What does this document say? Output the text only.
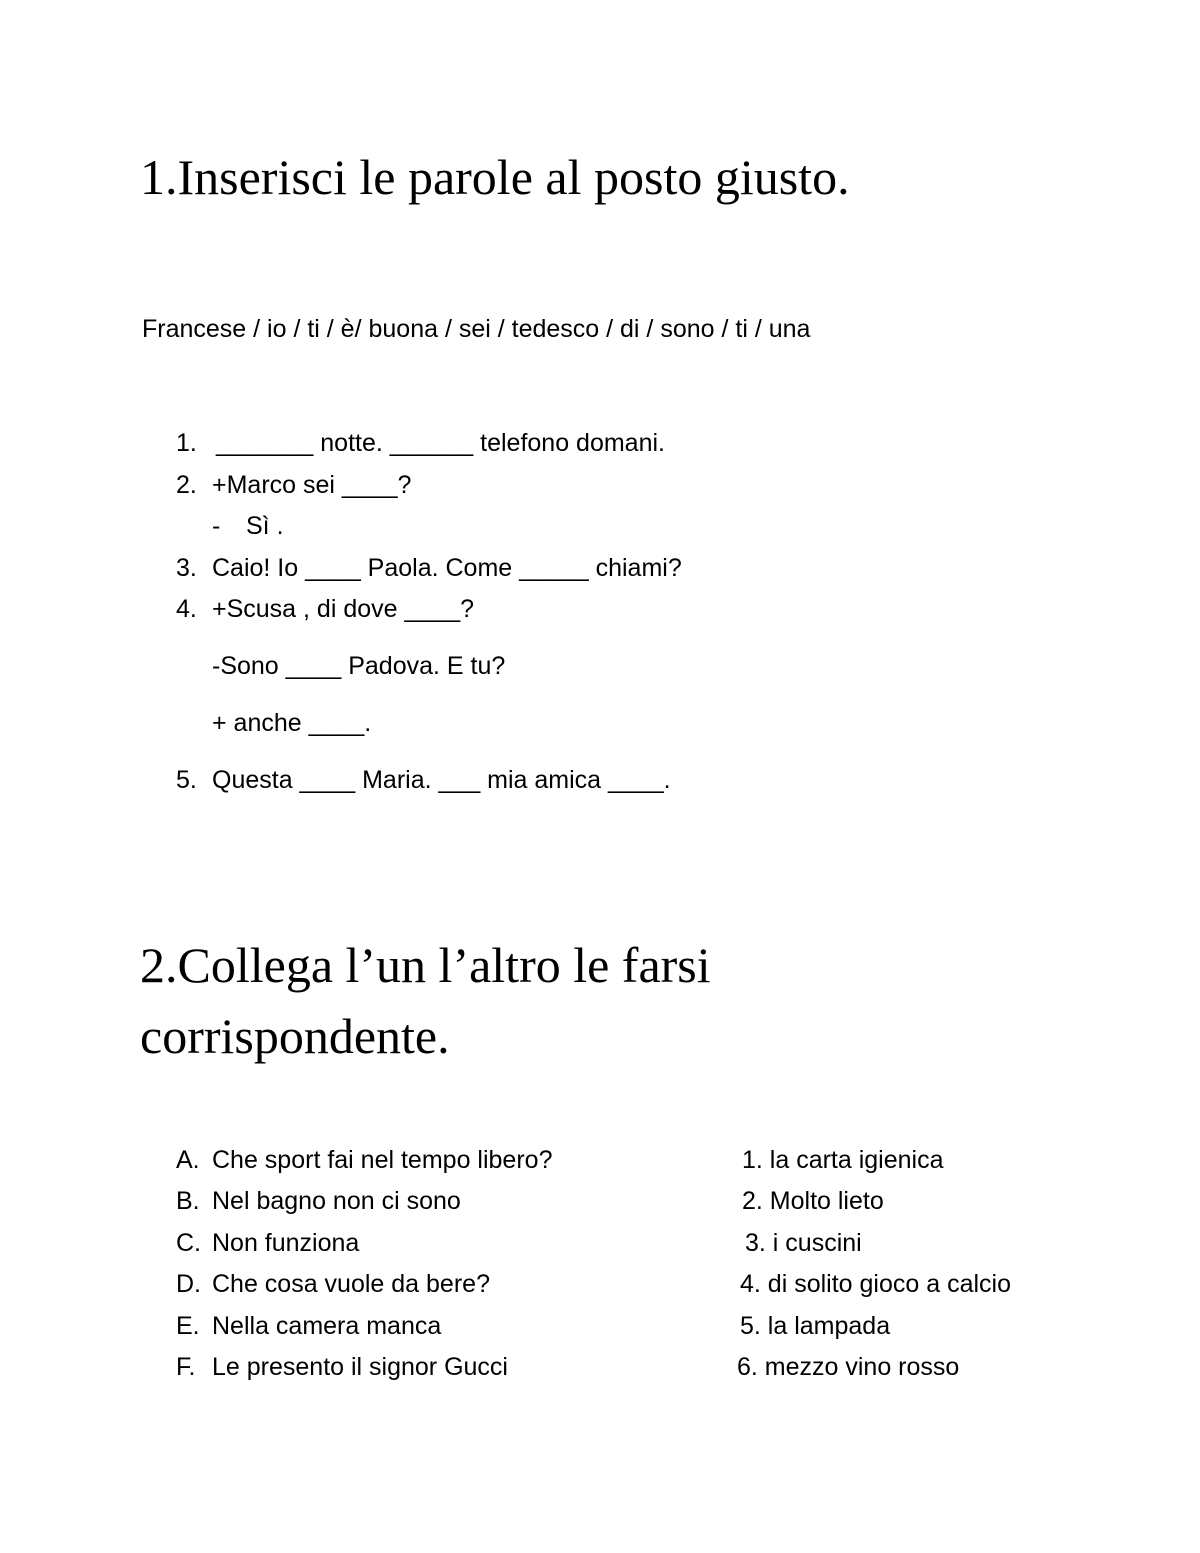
1.Inserisci le parole al posto giusto.

Francese / io / ti / è/ buona / sei / tedesco / di / sono / ti / una

1. _______ notte. ______ telefono domani.
2. +Marco sei ____?
- Sì .
3. Caio! Io ____ Paola. Come _____ chiami?
4. +Scusa , di dove ____?
-Sono ____ Padova. E tu?
+ anche ____.
5. Questa ____ Maria. ___ mia amica ____.
2.Collega l’un l’altro le farsi
corrispondente.
A. Che sport fai nel tempo libero?
B. Nel bagno non ci sono
C. Non funziona
D. Che cosa vuole da bere?
E. Nella camera manca
F. Le presento il signor Gucci
1. la carta igienica
2. Molto lieto
3. i cuscini
4. di solito gioco a calcio
5. la lampada
6. mezzo vino rosso
